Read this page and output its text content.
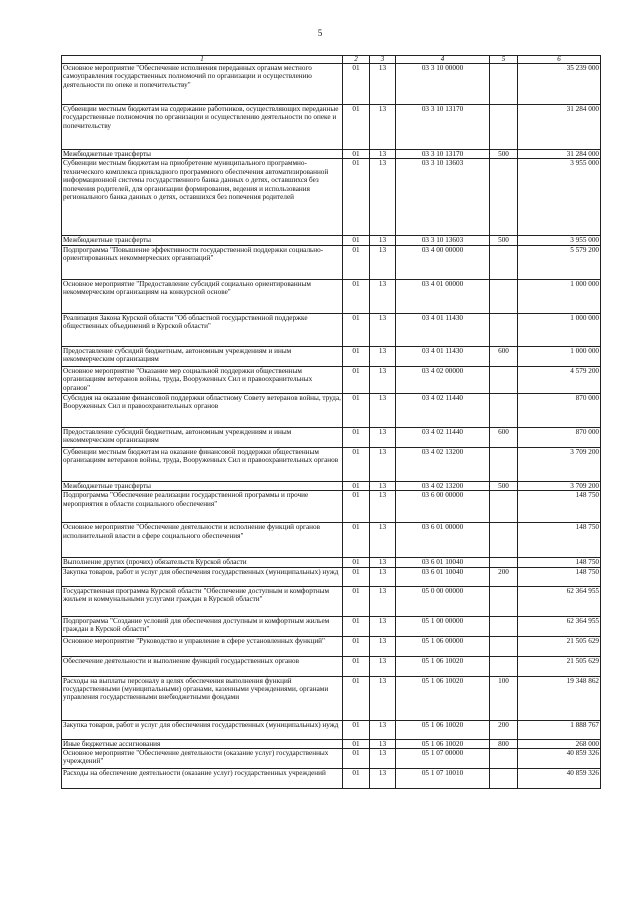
5
1	2	3	4	5	6
Основное мероприятие "Обеспечение исполнения переданных органам местного самоуправления государственных полномочий по организации и осуществлению деятельности по опеке и попечительству"	01	13	03 3 10 00000		35 239 000
Субвенции местным бюджетам на содержание работников, осуществляющих переданные государственные полномочия по организации и осуществлению деятельности по опеке и попечительству	01	13	03 3 10 13170		31 284 000
Межбюджетные трансферты	01	13	03 3 10 13170	500	31 284 000
Субвенции местным бюджетам на приобретение муниципального программно-технического комплекса прикладного программного обеспечения автоматизированной информационной системы государственного банка данных о детях, оставшихся без попечения родителей, для организации формирования, ведения и использования регионального банка данных о детях, оставшихся без попечения родителей	01	13	03 3 10 13603		3 955 000
Межбюджетные трансферты	01	13	03 3 10 13603	500	3 955 000
Подпрограмма "Повышение эффективности государственной поддержки социально-ориентированных некоммерческих организаций"	01	13	03 4 00 00000		5 579 200
Основное мероприятие "Предоставление субсидий социально ориентированным некоммерческим организациям на конкурсной основе"	01	13	03 4 01 00000		1 000 000
Реализация Закона Курской области "Об областной государственной поддержке общественных объединений в Курской области"	01	13	03 4 01 11430		1 000 000
Предоставление субсидий бюджетным, автономным учреждениям и иным некоммерческим организациям	01	13	03 4 01 11430	600	1 000 000
Основное мероприятие "Оказание мер социальной поддержки общественным организациям ветеранов войны, труда, Вооруженных Сил и правоохранительных органов"	01	13	03 4 02 00000		4 579 200
Субсидия на оказание финансовой поддержки областному Совету ветеранов войны, труда, Вооруженных Сил и правоохранительных органов	01	13	03 4 02 11440		870 000
Предоставление субсидий бюджетным, автономным учреждениям и иным некоммерческим организациям	01	13	03 4 02 11440	600	870 000
Субвенции местным бюджетам на оказание финансовой поддержки общественным организациям ветеранов войны, труда, Вооруженных Сил и правоохранительных органов	01	13	03 4 02 13200		3 709 200
Межбюджетные трансферты	01	13	03 4 02 13200	500	3 709 200
Подпрограмма "Обеспечение реализации государственной программы и прочие мероприятия в области социального обеспечения"	01	13	03 6 00 00000		148 750
Основное мероприятие "Обеспечение деятельности и исполнение функций органов исполнительной власти в сфере социального обеспечения"	01	13	03 6 01 00000		148 750
Выполнение других (прочих) обязательств Курской области	01	13	03 6 01 10040		148 750
Закупка товаров, работ и услуг для обеспечения государственных (муниципальных) нужд	01	13	03 6 01 10040	200	148 750
Государственная программа Курской области "Обеспечение доступным и комфортным жильем и коммунальными услугами граждан в Курской области"	01	13	05 0 00 00000		62 364 955
Подпрограмма "Создание условий для обеспечения доступным и комфортным жильем граждан в Курской области"	01	13	05 1 00 00000		62 364 955
Основное мероприятие "Руководство и управление в сфере установленных функций"	01	13	05 1 06 00000		21 505 629
Обеспечение деятельности и выполнение функций государственных органов	01	13	05 1 06 10020		21 505 629
Расходы на выплаты персоналу в целях обеспечения выполнения функций государственными (муниципальными) органами, казенными учреждениями, органами управления государственными внебюджетными фондами	01	13	05 1 06 10020	100	19 348 862
Закупка товаров, работ и услуг для обеспечения государственных (муниципальных) нужд	01	13	05 1 06 10020	200	1 888 767
Иные бюджетные ассигнования	01	13	05 1 06 10020	800	268 000
Основное мероприятие "Обеспечение деятельности (оказание услуг) государственных учреждений"	01	13	05 1 07 00000		40 859 326
Расходы на обеспечение деятельности (оказание услуг) государственных учреждений	01	13	05 1 07 10010		40 859 326
